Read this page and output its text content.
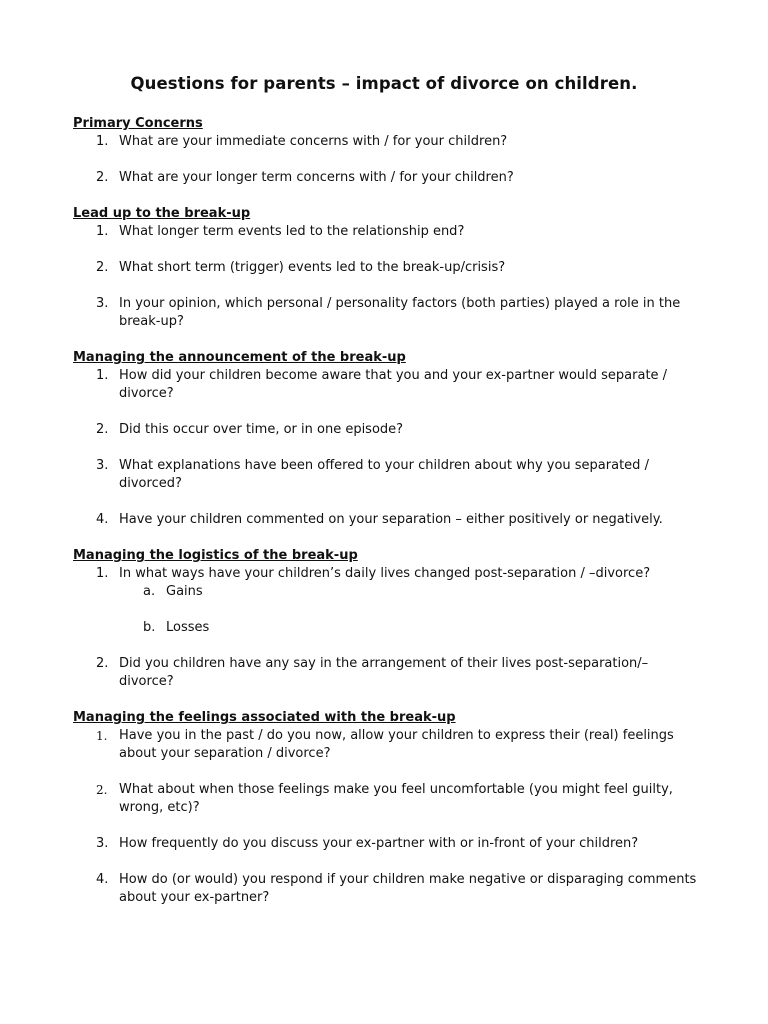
Questions for parents – impact of divorce on children.
Primary Concerns
1. What are your immediate concerns with / for your children?
2. What are your longer term concerns with / for your children?
Lead up to the break-up
1. What longer term events led to the relationship end?
2. What short term (trigger) events led to the break-up/crisis?
3. In your opinion, which personal / personality factors (both parties) played a role in the break-up?
Managing the announcement of the break-up
1. How did your children become aware that you and your ex-partner would separate / divorce?
2. Did this occur over time, or in one episode?
3. What explanations have been offered to your children about why you separated / divorced?
4. Have your children commented on your separation – either positively or negatively.
Managing the logistics of the break-up
1. In what ways have your children’s daily lives changed post-separation / –divorce?
a. Gains
b. Losses
2. Did you children have any say in the arrangement of their lives post-separation/–divorce?
Managing the feelings associated with the break-up
1. Have you in the past / do you now, allow your children to express their (real) feelings about your separation / divorce?
2. What about when those feelings make you feel uncomfortable (you might feel guilty, wrong, etc)?
3. How frequently do you discuss your ex-partner with or in-front of your children?
4. How do (or would) you respond if your children make negative or disparaging comments about your ex-partner?
